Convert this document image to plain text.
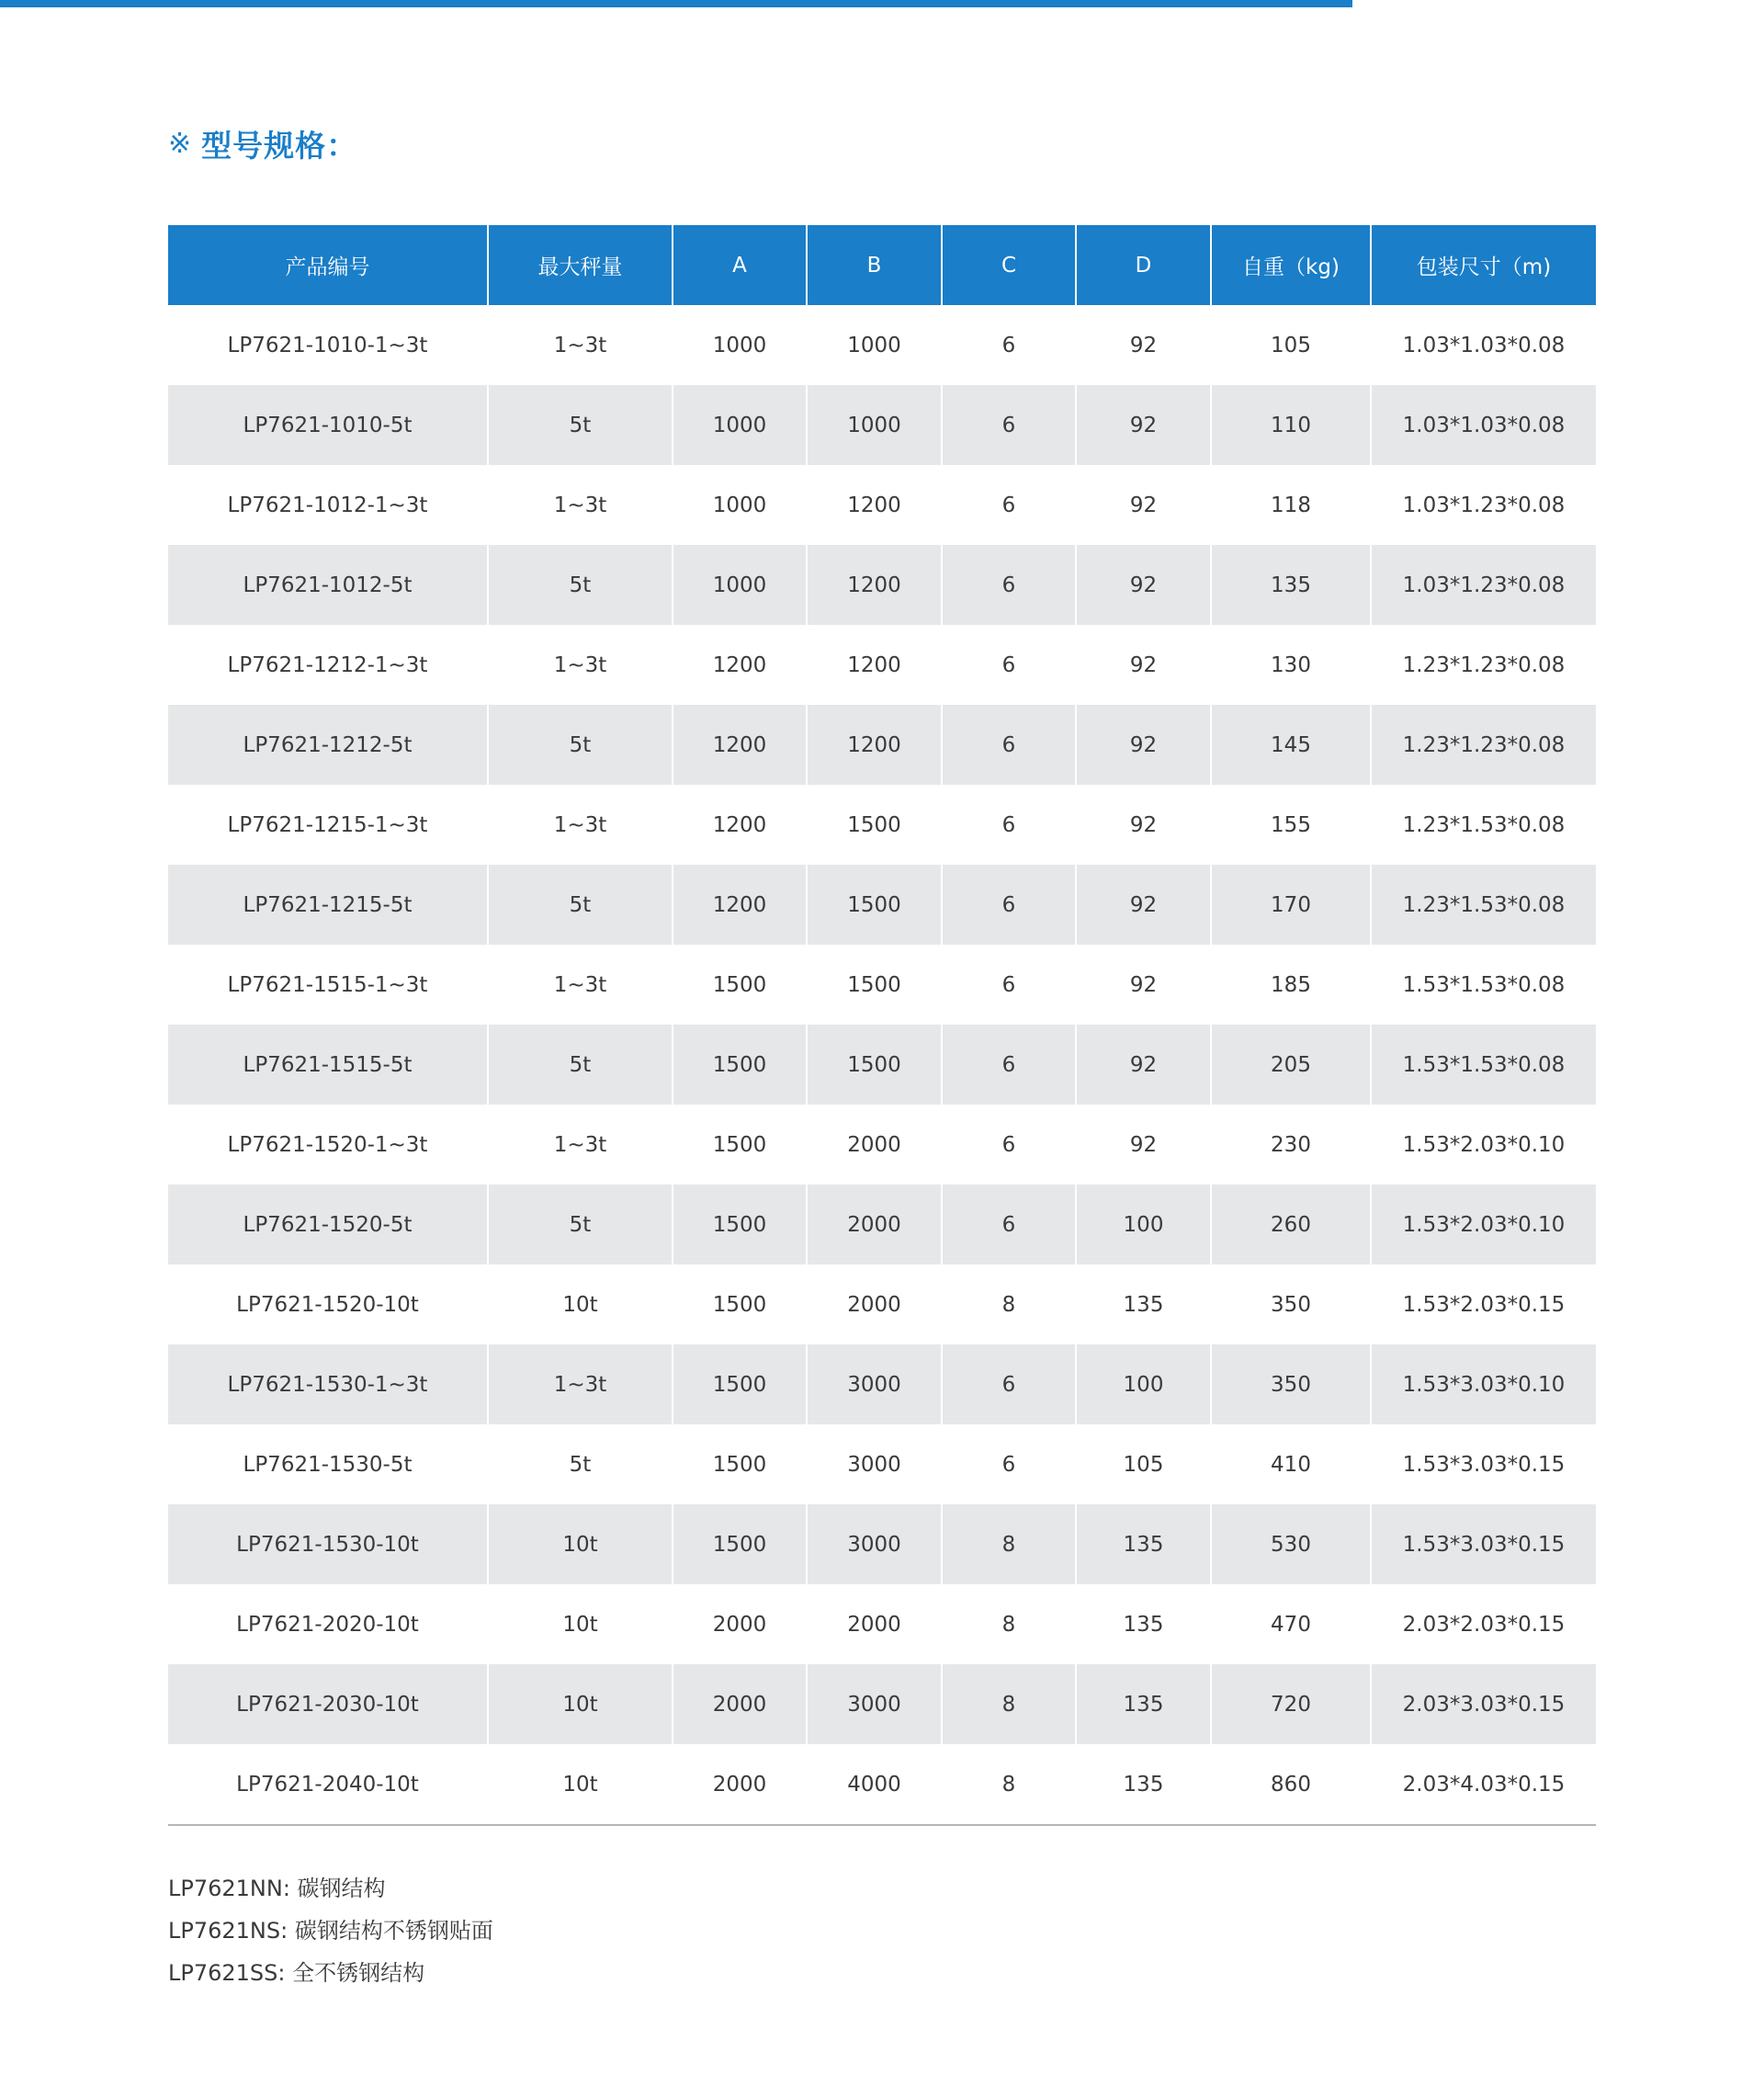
※ 型号规格：
产品编号	最大秤量	A	B	C	D	自重（kg)	包装尺寸（m)
LP7621-1010-1~3t	1~3t	1000	1000	6	92	105	1.03*1.03*0.08
LP7621-1010-5t	5t	1000	1000	6	92	110	1.03*1.03*0.08
LP7621-1012-1~3t	1~3t	1000	1200	6	92	118	1.03*1.23*0.08
LP7621-1012-5t	5t	1000	1200	6	92	135	1.03*1.23*0.08
LP7621-1212-1~3t	1~3t	1200	1200	6	92	130	1.23*1.23*0.08
LP7621-1212-5t	5t	1200	1200	6	92	145	1.23*1.23*0.08
LP7621-1215-1~3t	1~3t	1200	1500	6	92	155	1.23*1.53*0.08
LP7621-1215-5t	5t	1200	1500	6	92	170	1.23*1.53*0.08
LP7621-1515-1~3t	1~3t	1500	1500	6	92	185	1.53*1.53*0.08
LP7621-1515-5t	5t	1500	1500	6	92	205	1.53*1.53*0.08
LP7621-1520-1~3t	1~3t	1500	2000	6	92	230	1.53*2.03*0.10
LP7621-1520-5t	5t	1500	2000	6	100	260	1.53*2.03*0.10
LP7621-1520-10t	10t	1500	2000	8	135	350	1.53*2.03*0.15
LP7621-1530-1~3t	1~3t	1500	3000	6	100	350	1.53*3.03*0.10
LP7621-1530-5t	5t	1500	3000	6	105	410	1.53*3.03*0.15
LP7621-1530-10t	10t	1500	3000	8	135	530	1.53*3.03*0.15
LP7621-2020-10t	10t	2000	2000	8	135	470	2.03*2.03*0.15
LP7621-2030-10t	10t	2000	3000	8	135	720	2.03*3.03*0.15
LP7621-2040-10t	10t	2000	4000	8	135	860	2.03*4.03*0.15
LP7621NN: 碳钢结构
LP7621NS: 碳钢结构不锈钢贴面
LP7621SS: 全不锈钢结构
